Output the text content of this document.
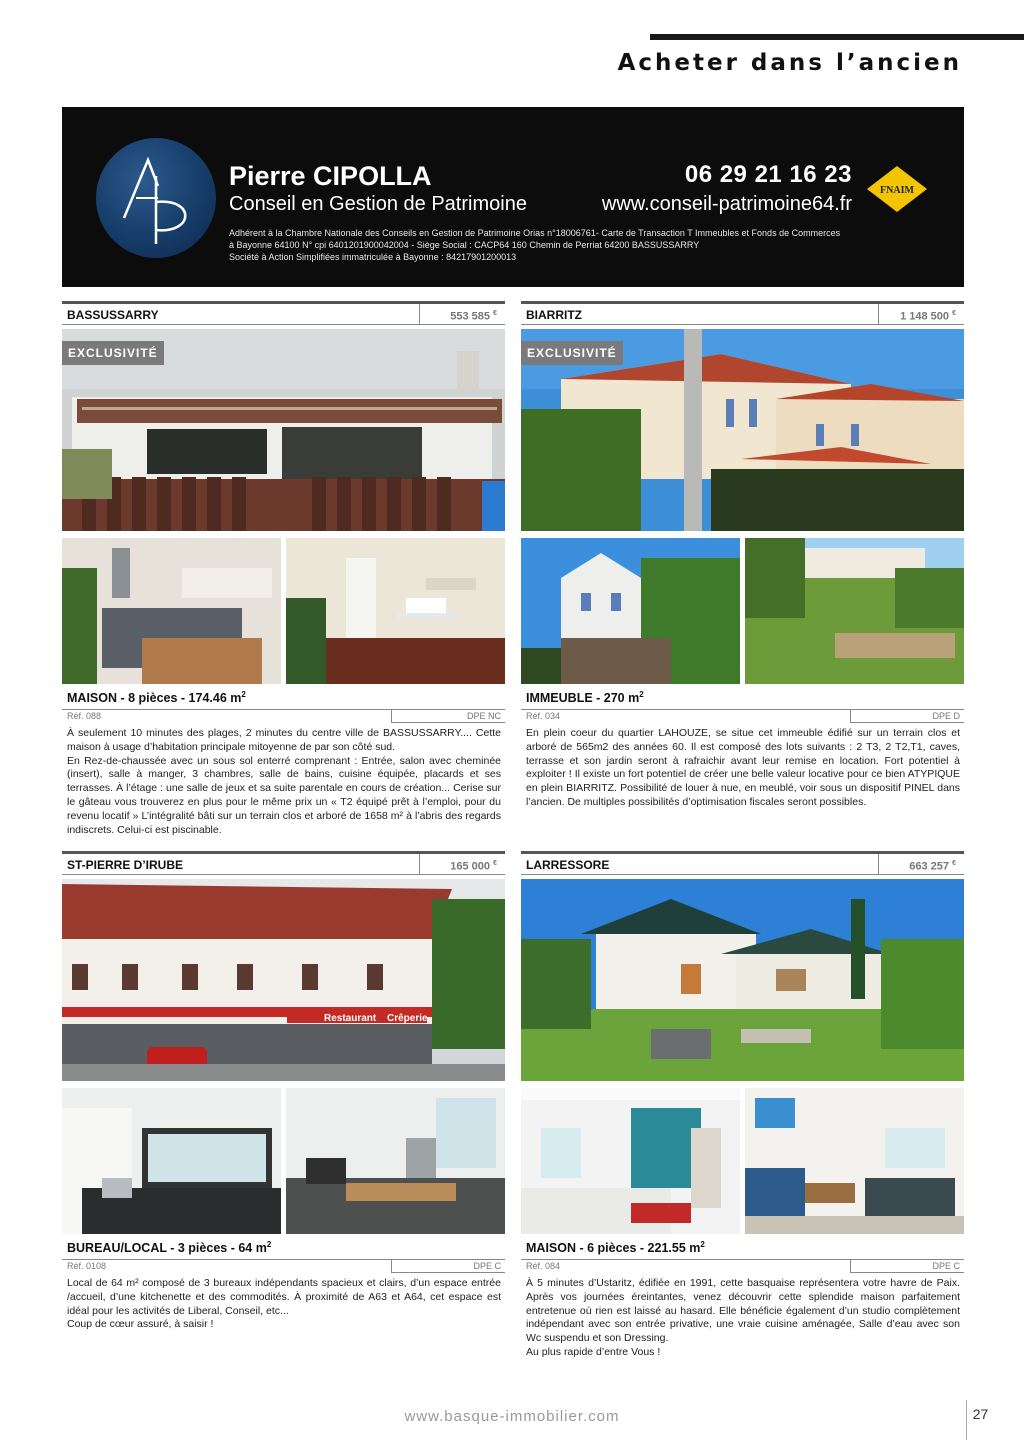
Acheter dans l’ancien
Pierre CIPOLLA
Conseil en Gestion de Patrimoine
06 29 21 16 23
www.conseil-patrimoine64.fr
FNAIM
Adhérent à la Chambre Nationale des Conseils en Gestion de Patrimoine Orias n°18006761- Carte de Transaction T Immeubles et Fonds de Commerces
à Bayonne 64100 N° cpi 6401201900042004 - Siège Social : CACP64 160 Chemin de Perriat 64200 BASSUSSARRY
Société à Action Simplifiées immatriculée à Bayonne : 84217901200013
BASSUSSARRY	553 585 €
EXCLUSIVITÉ
MAISON - 8 pièces - 174.46 $m^2$
Réf. 088	DPE NC

À seulement 10 minutes des plages, 2 minutes du centre ville de BASSUSSARRY.... Cette maison à usage d’habitation principale mitoyenne de par son côté sud.

En Rez-de-chaussée avec un sous sol enterré comprenant : Entrée, salon avec cheminée (insert), salle à manger, 3 chambres, salle de bains, cuisine équipée, placards et ses terrasses. À l’étage : une salle de jeux et sa suite parentale en cours de création... Cerise sur le gâteau vous trouverez en plus pour le même prix un « T2 équipé prêt à l’emploi, pour du revenu locatif » L’intégralité bâti sur un terrain clos et arboré de 1658 m² à l’abris des regards indiscrets. Celui-ci est piscinable.

BIARRITZ	1 148 500 €
EXCLUSIVITÉ
IMMEUBLE - 270 $m^2$
Réf. 034	DPE D

En plein coeur du quartier LAHOUZE, se situe cet immeuble édifié sur un terrain clos et arboré de 565m2 des années 60. Il est composé des lots suivants : 2 T3, 2 T2,T1, caves, terrasse et son jardin seront à rafraichir avant leur remise en location. Fort potentiel à exploiter ! Il existe un fort potentiel de créer une belle valeur locative pour ce bien ATYPIQUE en plein BIARRITZ. Possibilité de louer à nue, en meublé, voir sous un dispositif PINEL dans l’ancien. De multiples possibilités d’optimisation fiscales seront possibles.

ST-PIERRE D’IRUBE	165 000 €
Restaurant Crêperie
BUREAU/LOCAL - 3 pièces - 64 $m^2$
Réf. 0108	DPE C

Local de 64 m² composé de 3 bureaux indépendants spacieux et clairs, d’un espace entrée /accueil, d’une kitchenette et des commodités. À proximité de A63 et A64, cet espace est idéal pour les activités de Liberal, Conseil, etc...

Coup de cœur assuré, à saisir !

LARRESSORE	663 257 €
MAISON - 6 pièces - 221.55 $m^2$
Réf. 084	DPE C

À 5 minutes d’Ustaritz, édifiée en 1991, cette basquaise représentera votre havre de Paix. Après vos journées éreintantes, venez découvrir cette splendide maison parfaitement entretenue où rien est laissé au hasard. Elle bénéficie également d’un studio complètement indépendant avec son entrée privative, une vraie cuisine aménagée, Salle d’eau avec son Wc suspendu et son Dressing.

Au plus rapide d’entre Vous !

www.basque-immobilier.com	27
